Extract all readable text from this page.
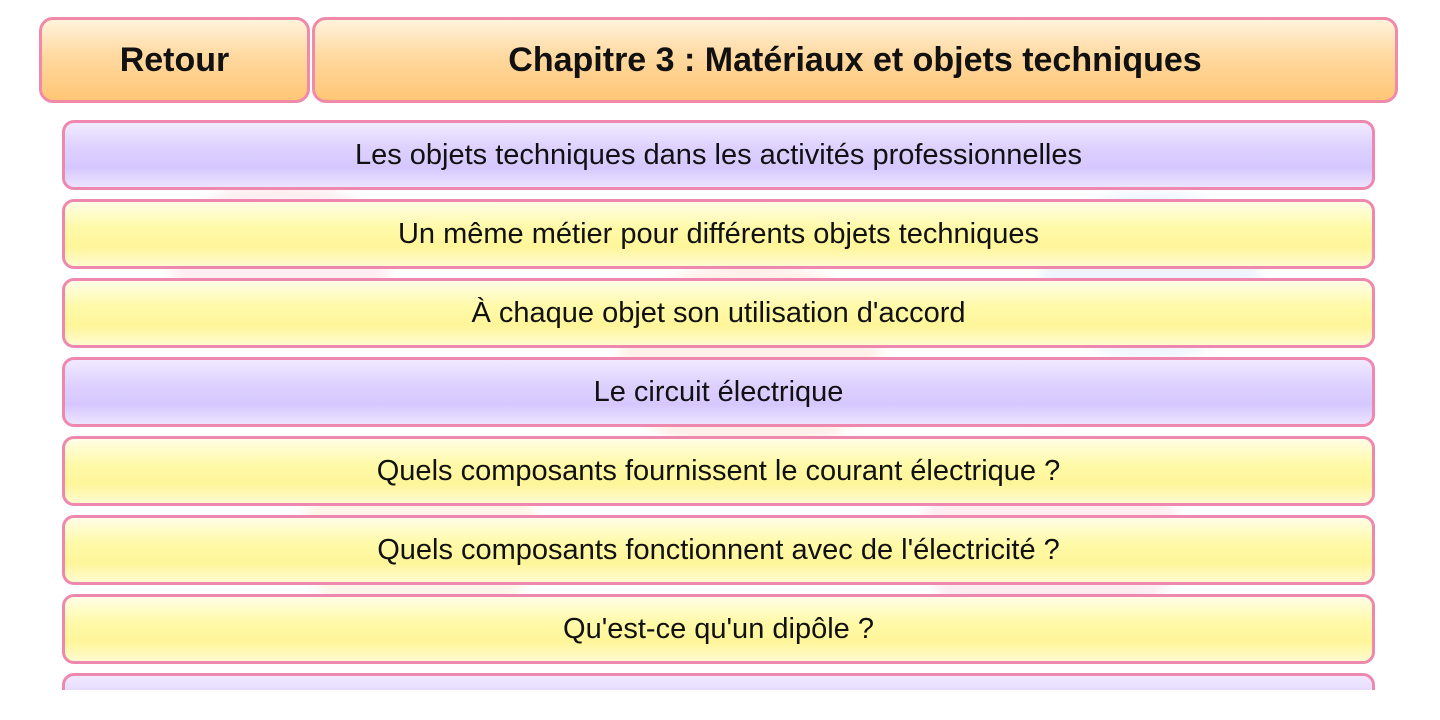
Retour	Chapitre 3 : Matériaux et objets techniques
Les objets techniques dans les activités professionnelles
Un même métier pour différents objets techniques
À chaque objet son utilisation d'accord
Le circuit électrique
Quels composants fournissent le courant électrique ?
Quels composants fonctionnent avec de l'électricité ?
Qu'est-ce qu'un dipôle ?
